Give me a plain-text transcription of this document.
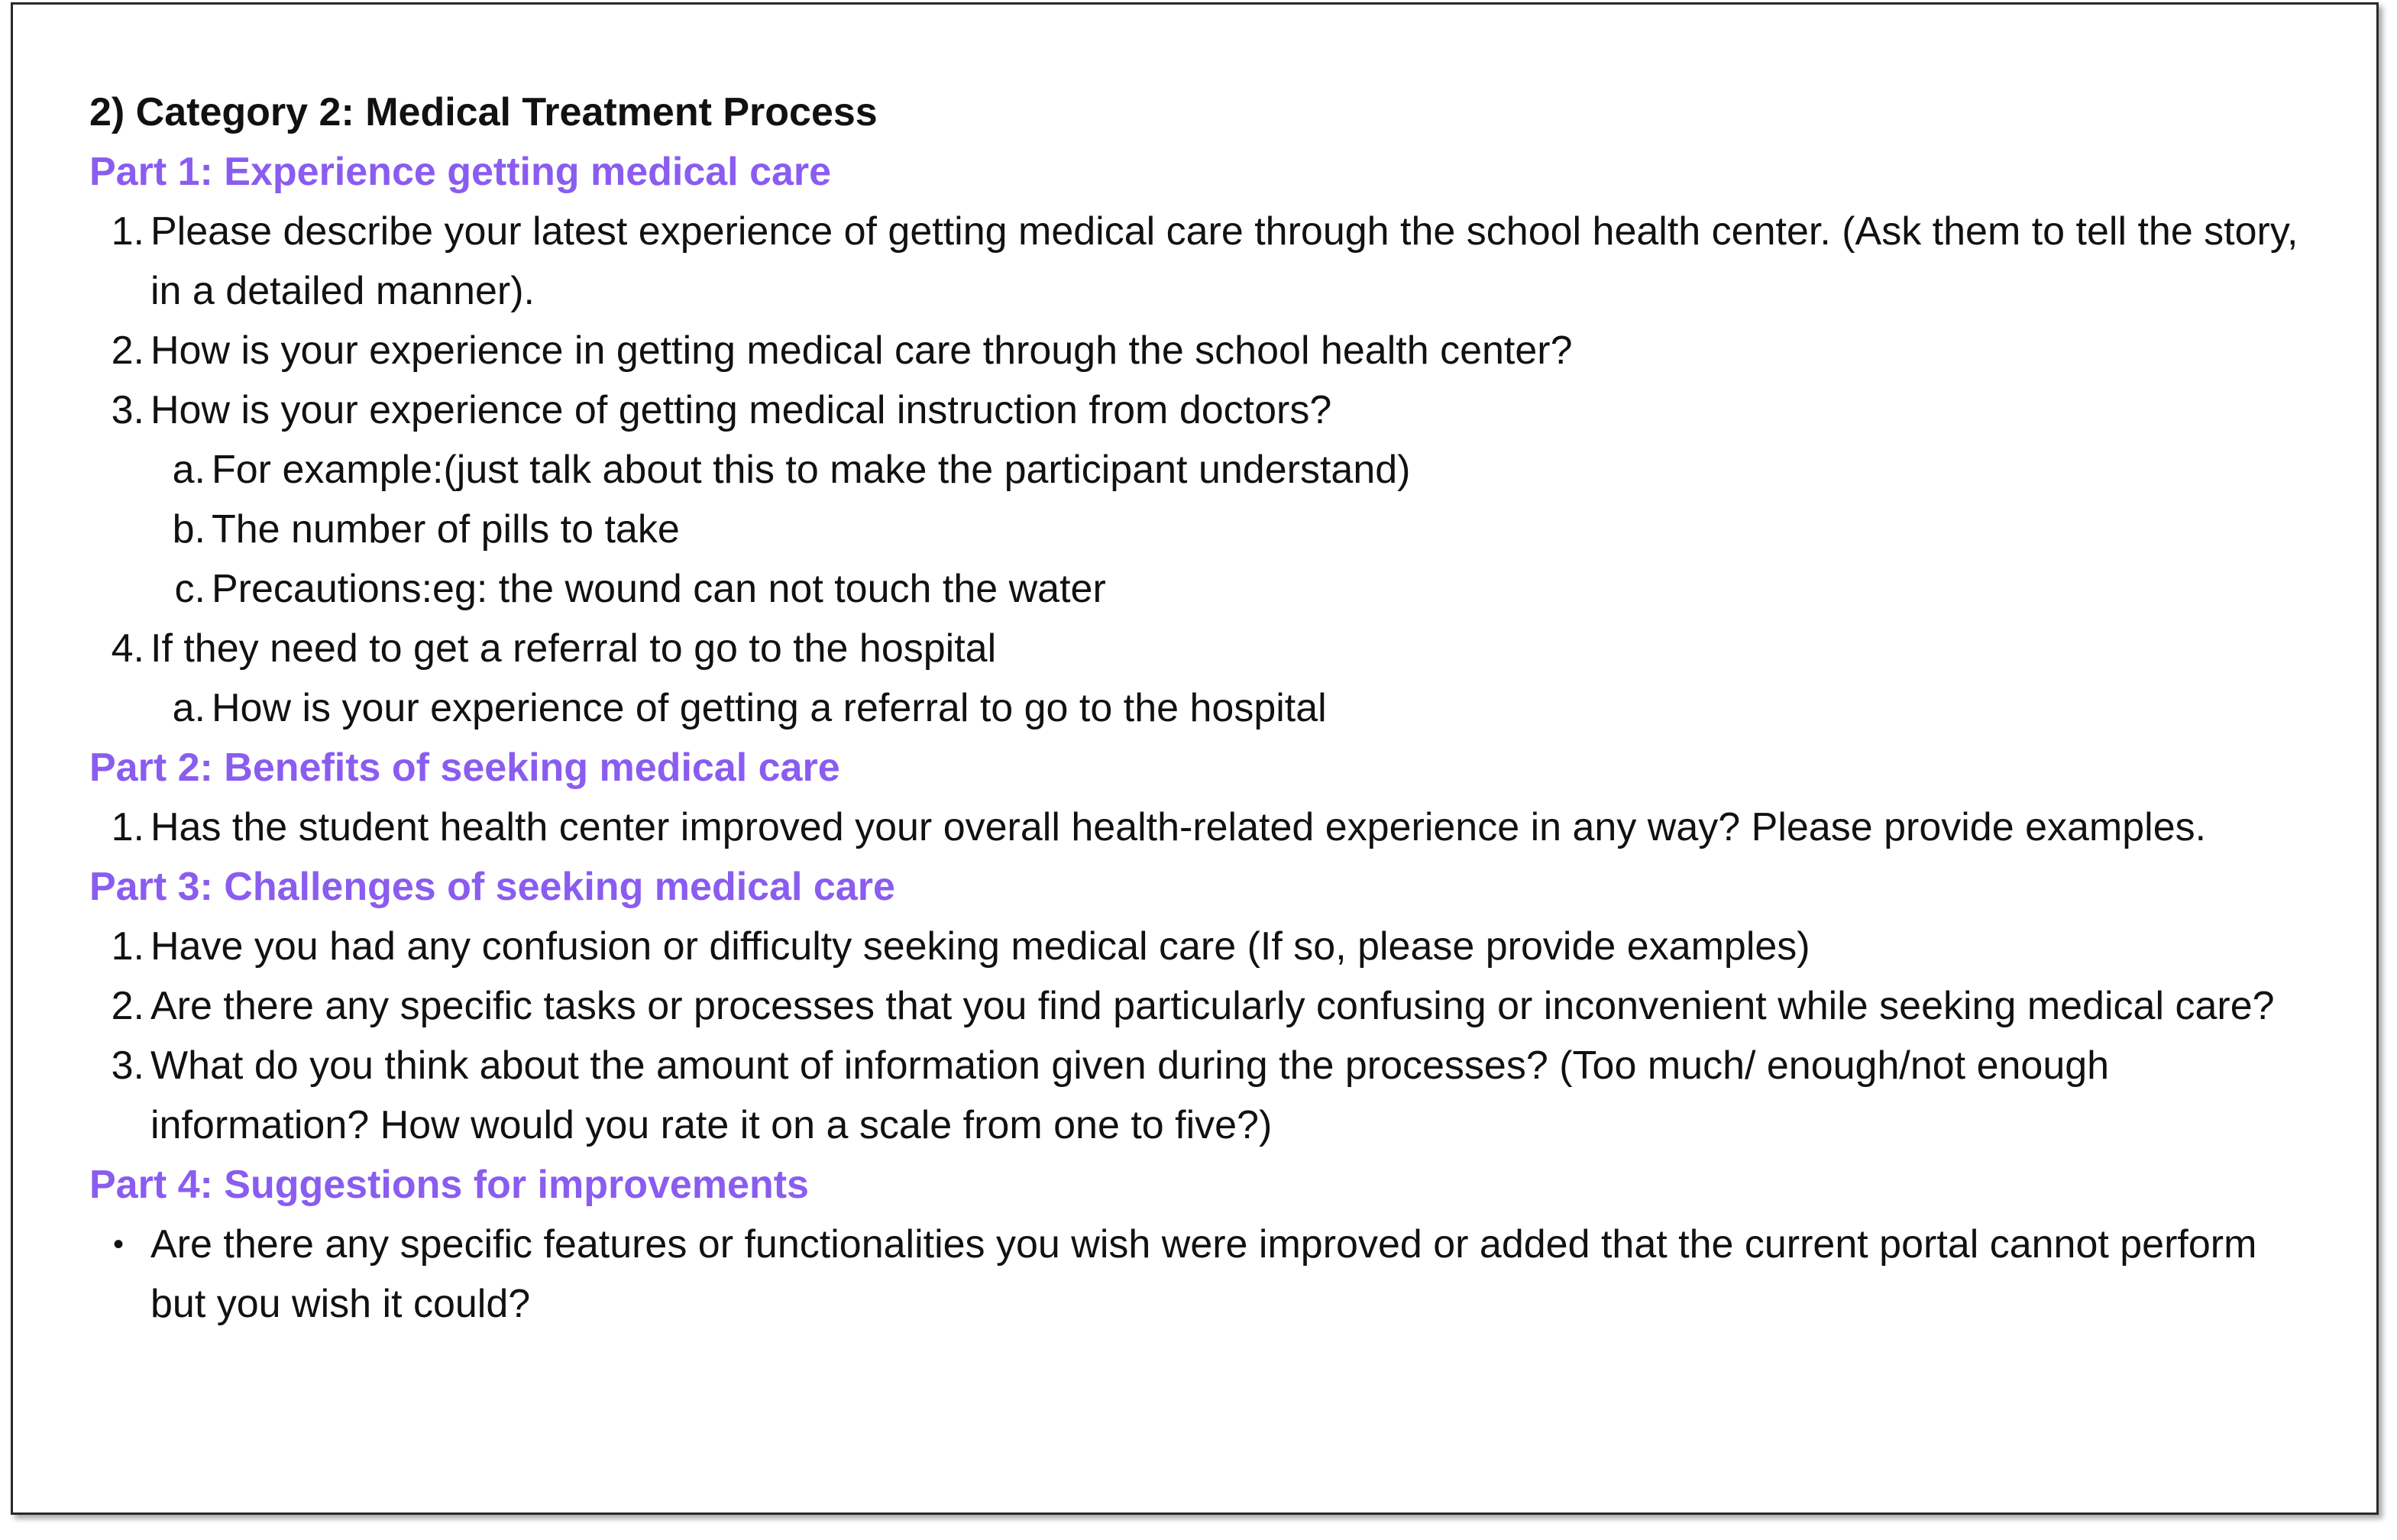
2) Category 2: Medical Treatment Process
Part 1: Experience getting medical care
1. Please describe your latest experience of getting medical care through the school health center. (Ask them to tell the story, in a detailed manner).
2. How is your experience in getting medical care through the school health center?
3. How is your experience of getting medical instruction from doctors?
a. For example:(just talk about this to make the participant understand)
b. The number of pills to take
c. Precautions:eg: the wound can not touch the water
4. If they need to get a referral to go to the hospital
a. How is your experience of getting a referral to go to the hospital
Part 2: Benefits of seeking medical care
1. Has the student health center improved your overall health-related experience in any way? Please provide examples.
Part 3: Challenges of seeking medical care
1. Have you had any confusion or difficulty seeking medical care (If so, please provide examples)
2. Are there any specific tasks or processes that you find particularly confusing or inconvenient while seeking medical care?
3. What do you think about the amount of information given during the processes? (Too much/ enough/not enough information? How would you rate it on a scale from one to five?)
Part 4: Suggestions for improvements
• Are there any specific features or functionalities you wish were improved or added that the current portal cannot perform but you wish it could?
